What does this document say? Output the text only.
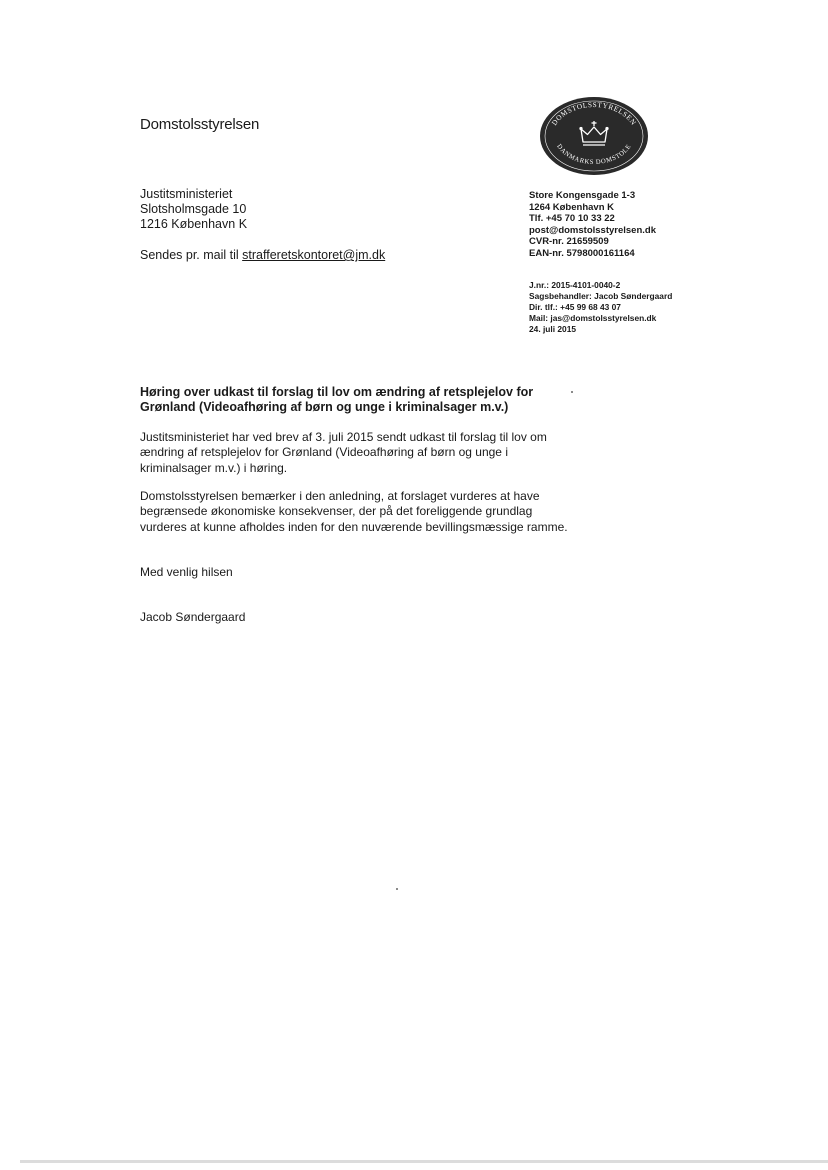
Domstolsstyrelsen	DOMSTOLSSTYRELSEN
DANMARKS DOMSTOLE
Justitsministeriet
Slotsholmsgade 10
1216 København K
Sendes pr. mail til strafferetskontoret@jm.dk
Store Kongensgade 1-3
1264 København K
Tlf. +45 70 10 33 22
post@domstolsstyrelsen.dk
CVR-nr. 21659509
EAN-nr. 5798000161164
J.nr.: 2015-4101-0040-2
Sagsbehandler: Jacob Søndergaard
Dir. tlf.: +45 99 68 43 07
Mail: jas@domstolsstyrelsen.dk
24. juli 2015
Høring over udkast til forslag til lov om ændring af retsplejelov for Grønland (Videoafhøring af børn og unge i kriminalsager m.v.)
Justitsministeriet har ved brev af 3. juli 2015 sendt udkast til forslag til lov om ændring af retsplejelov for Grønland (Videoafhøring af børn og unge i kriminalsager m.v.) i høring.
Domstolsstyrelsen bemærker i den anledning, at forslaget vurderes at have begrænsede økonomiske konsekvenser, der på det foreliggende grundlag vurderes at kunne afholdes inden for den nuværende bevillingsmæssige ramme.
Med venlig hilsen
Jacob Søndergaard
